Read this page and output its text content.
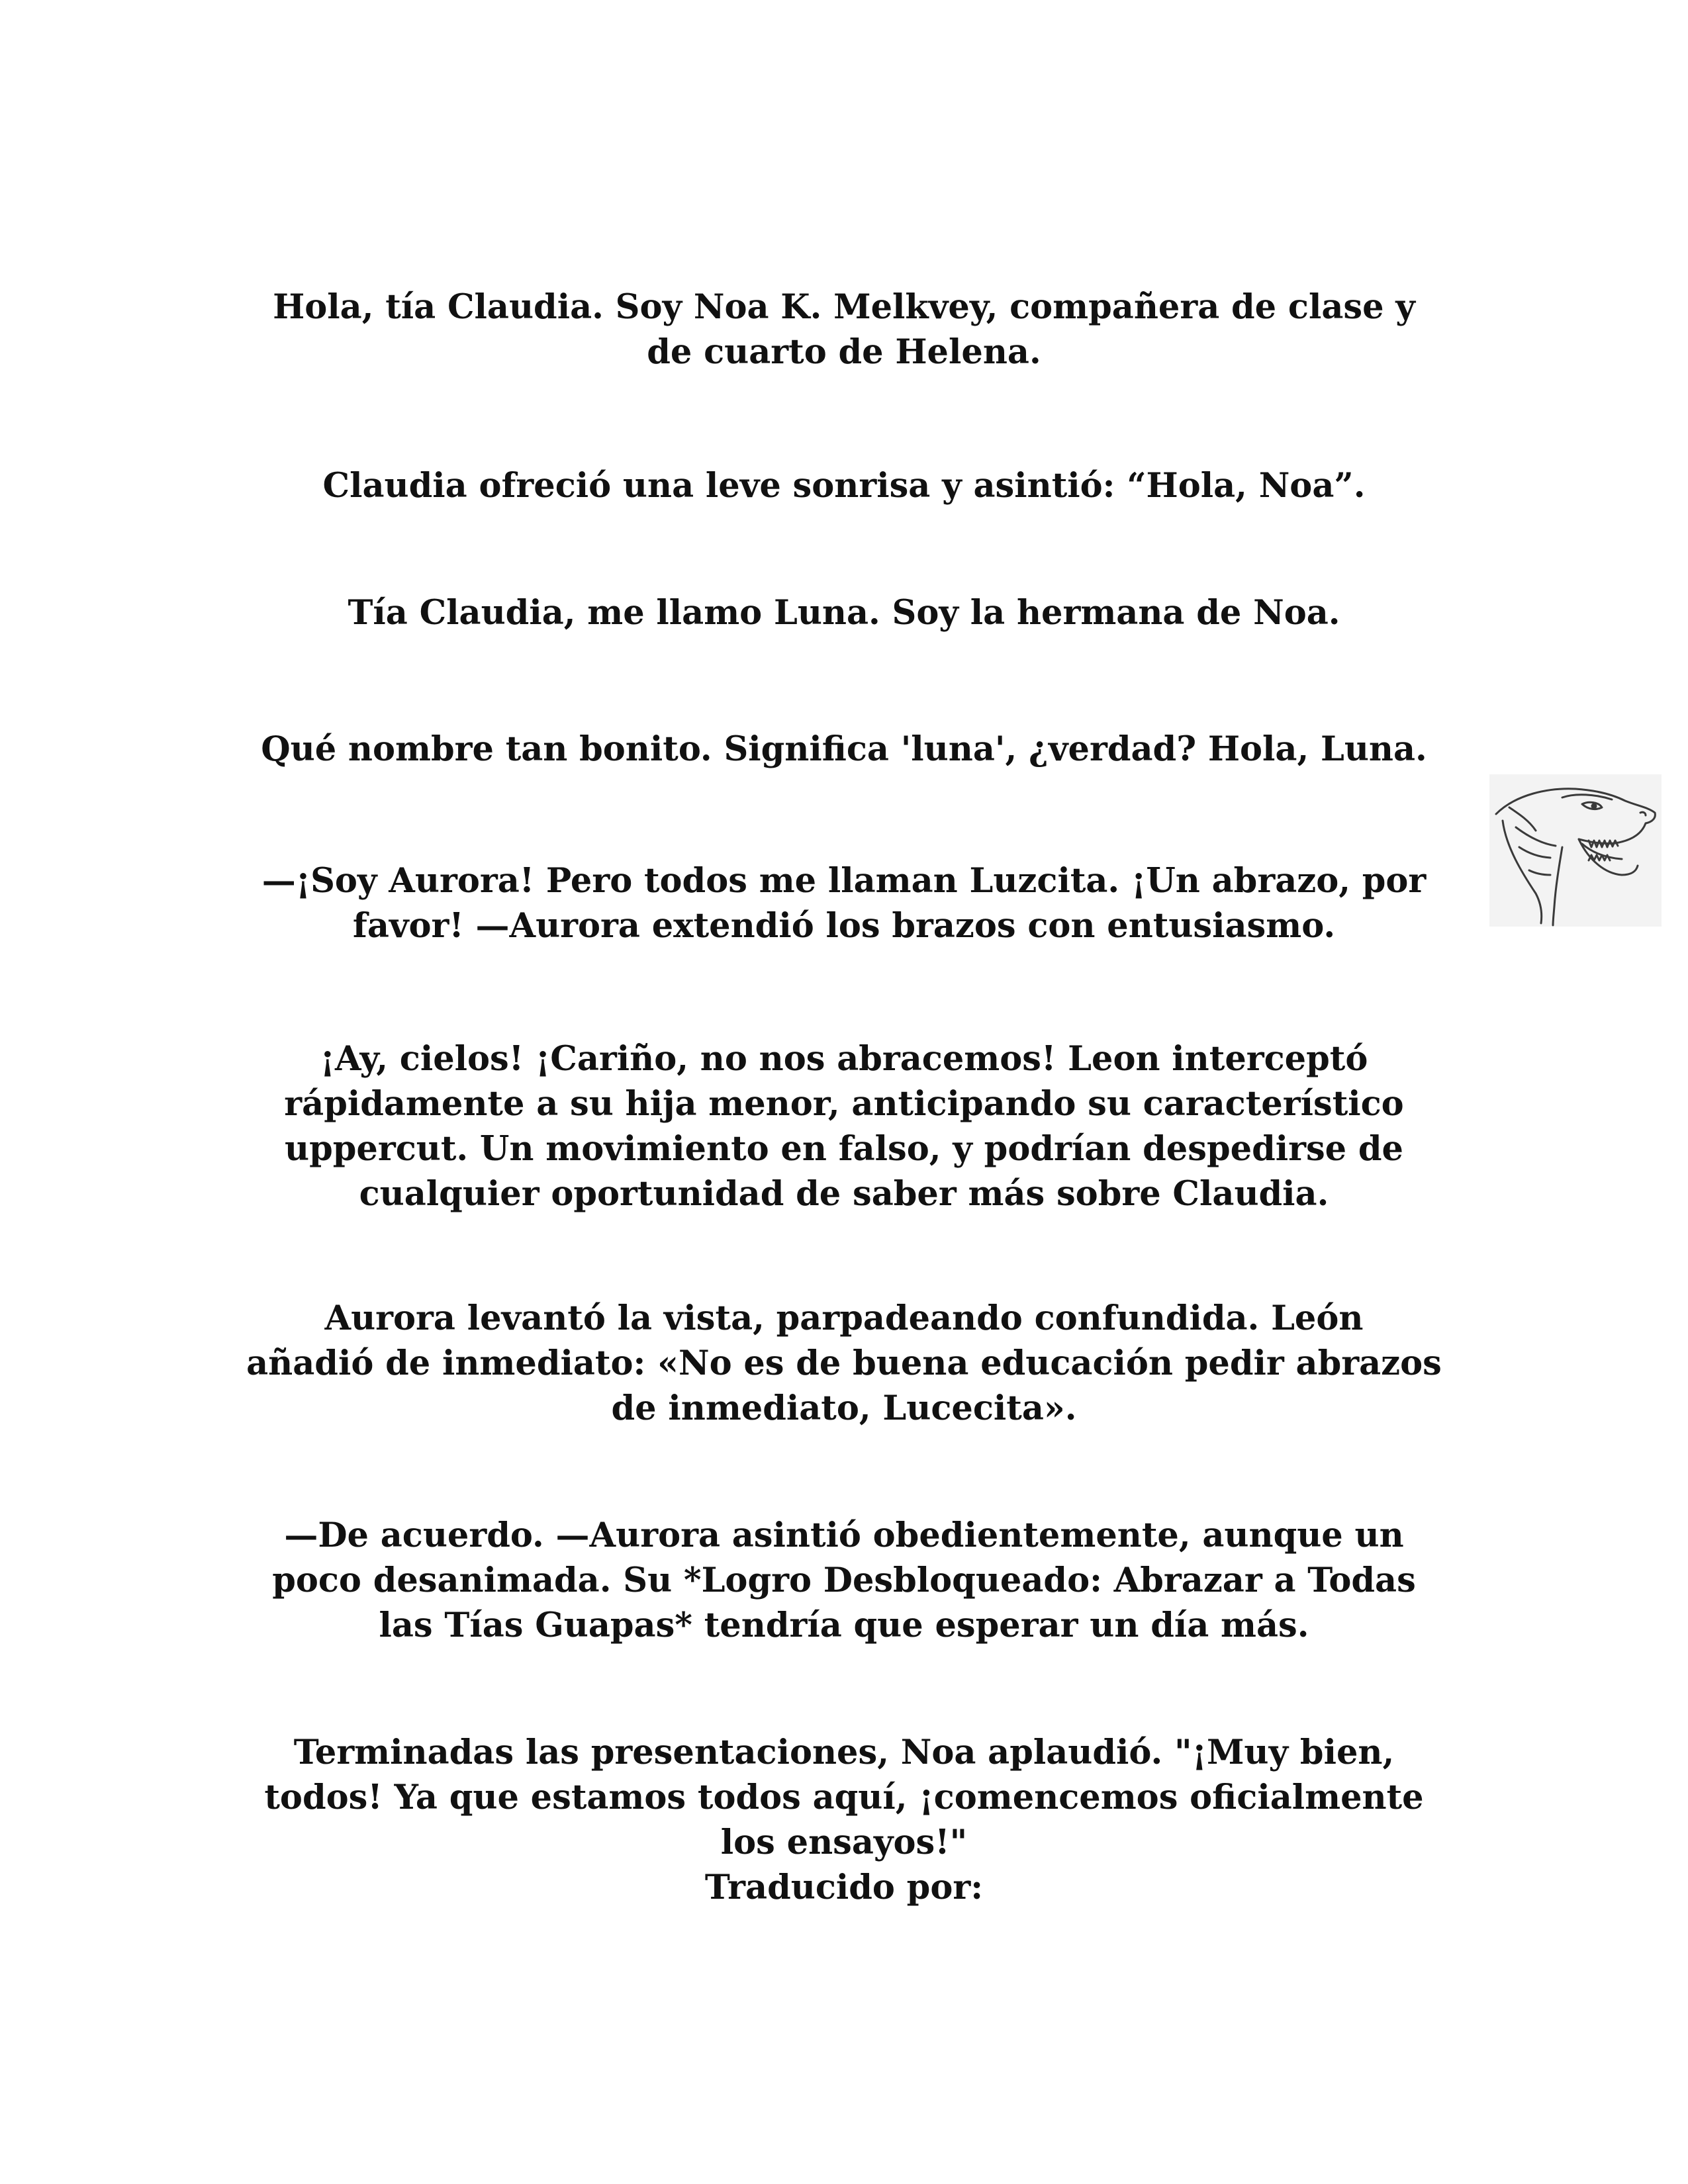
Hola, tía Claudia. Soy Noa K. Melkvey, compañera de clase y
de cuarto de Helena.

Claudia ofreció una leve sonrisa y asintió: “Hola, Noa”.

Tía Claudia, me llamo Luna. Soy la hermana de Noa.

Qué nombre tan bonito. Significa 'luna', ¿verdad? Hola, Luna.

—¡Soy Aurora! Pero todos me llaman Luzcita. ¡Un abrazo, por
favor! —Aurora extendió los brazos con entusiasmo.

¡Ay, cielos! ¡Cariño, no nos abracemos! Leon interceptó
rápidamente a su hija menor, anticipando su característico
uppercut. Un movimiento en falso, y podrían despedirse de
cualquier oportunidad de saber más sobre Claudia.

Aurora levantó la vista, parpadeando confundida. León
añadió de inmediato: «No es de buena educación pedir abrazos
de inmediato, Lucecita».

—De acuerdo. —Aurora asintió obedientemente, aunque un
poco desanimada. Su *Logro Desbloqueado: Abrazar a Todas
las Tías Guapas* tendría que esperar un día más.

Terminadas las presentaciones, Noa aplaudió. "¡Muy bien,
todos! Ya que estamos todos aquí, ¡comencemos oficialmente
los ensayos!"
Traducido por:
